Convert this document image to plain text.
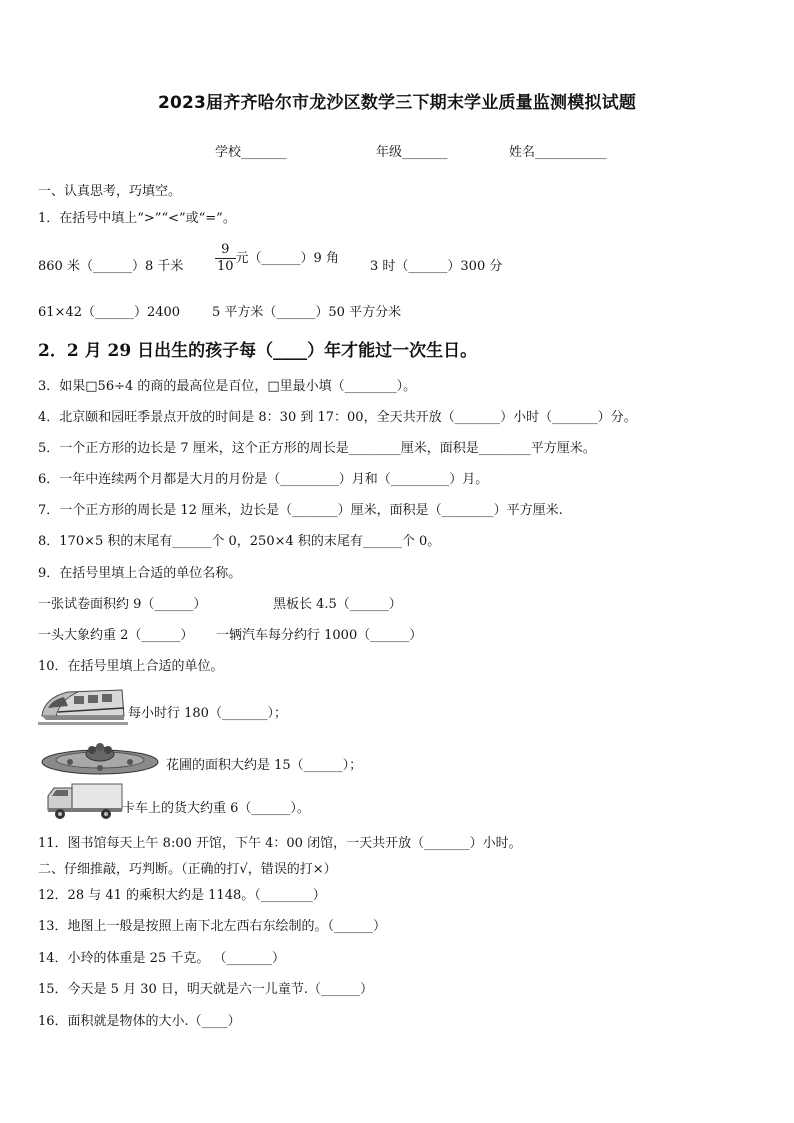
2023届齐齐哈尔市龙沙区数学三下期末学业质量监测模拟试题
学校_______	年级_______	姓名___________
一、认真思考，巧填空。
1．在括号中填上“>”“<”或“=”。
860 米（______）8 千米 $\frac{9}{10}$ 元（______）9 角
3 时（______）300 分
61×42（______）2400 5 平方米（______）50 平方分米
2．2 月 29 日出生的孩子每（____）年才能过一次生日。
3．如果□56÷4 的商的最高位是百位，□里最小填（________）。
4．北京颐和园旺季景点开放的时间是 8：30 到 17：00，全天共开放（_______）小时（_______）分。
5．一个正方形的边长是 7 厘米，这个正方形的周长是________厘米，面积是________平方厘米。
6．一年中连续两个月都是大月的月份是（_________）月和（_________）月。
7．一个正方形的周长是 12 厘米，边长是（_______）厘米，面积是（________）平方厘米.
8．170×5 积的末尾有______个 0，250×4 积的末尾有______个 0。
9．在括号里填上合适的单位名称。
一张试卷面积约 9（______）	黑板长 4.5（______）
一头大象约重 2（______） 一辆汽车每分约行 1000（______）
10．在括号里填上合适的单位。
每小时行 180（_______）；
花圃的面积大约是 15（______）；
卡车上的货大约重 6（______）。
11．图书馆每天上午 8:00 开馆，下午 4：00 闭馆，一天共开放（_______）小时。
二、仔细推敲，巧判断。（正确的打√，错误的打×）
12．28 与 41 的乘积大约是 1148。（________）
13．地图上一般是按照上南下北左西右东绘制的。（______）
14．小玲的体重是 25 千克。 （_______）
15．今天是 5 月 30 日，明天就是六一儿童节.（______）
16．面积就是物体的大小.（____）
